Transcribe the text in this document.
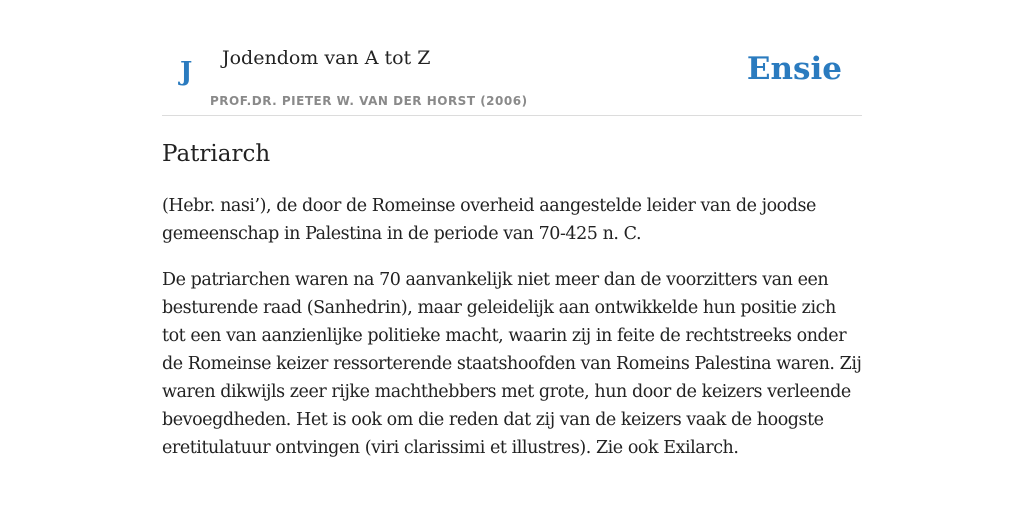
J Jodendom van A tot Z
PROF.DR. PIETER W. VAN DER HORST (2006)
Ensie
Patriarch

(Hebr. nasi’), de door de Romeinse overheid aangestelde leider van de joodse gemeenschap in Palestina in de periode van 70-425 n. C.

De patriarchen waren na 70 aanvankelijk niet meer dan de voorzitters van een besturende raad (Sanhedrin), maar geleidelijk aan ontwikkelde hun positie zich tot een van aanzienlijke politieke macht, waarin zij in feite de rechtstreeks onder de Romeinse keizer ressorterende staatshoofden van Romeins Palestina waren. Zij waren dikwijls zeer rijke machthebbers met grote, hun door de keizers verleende bevoegdheden. Het is ook om die reden dat zij van de keizers vaak de hoogste eretitulatuur ontvingen (viri clarissimi et illustres). Zie ook Exilarch.
